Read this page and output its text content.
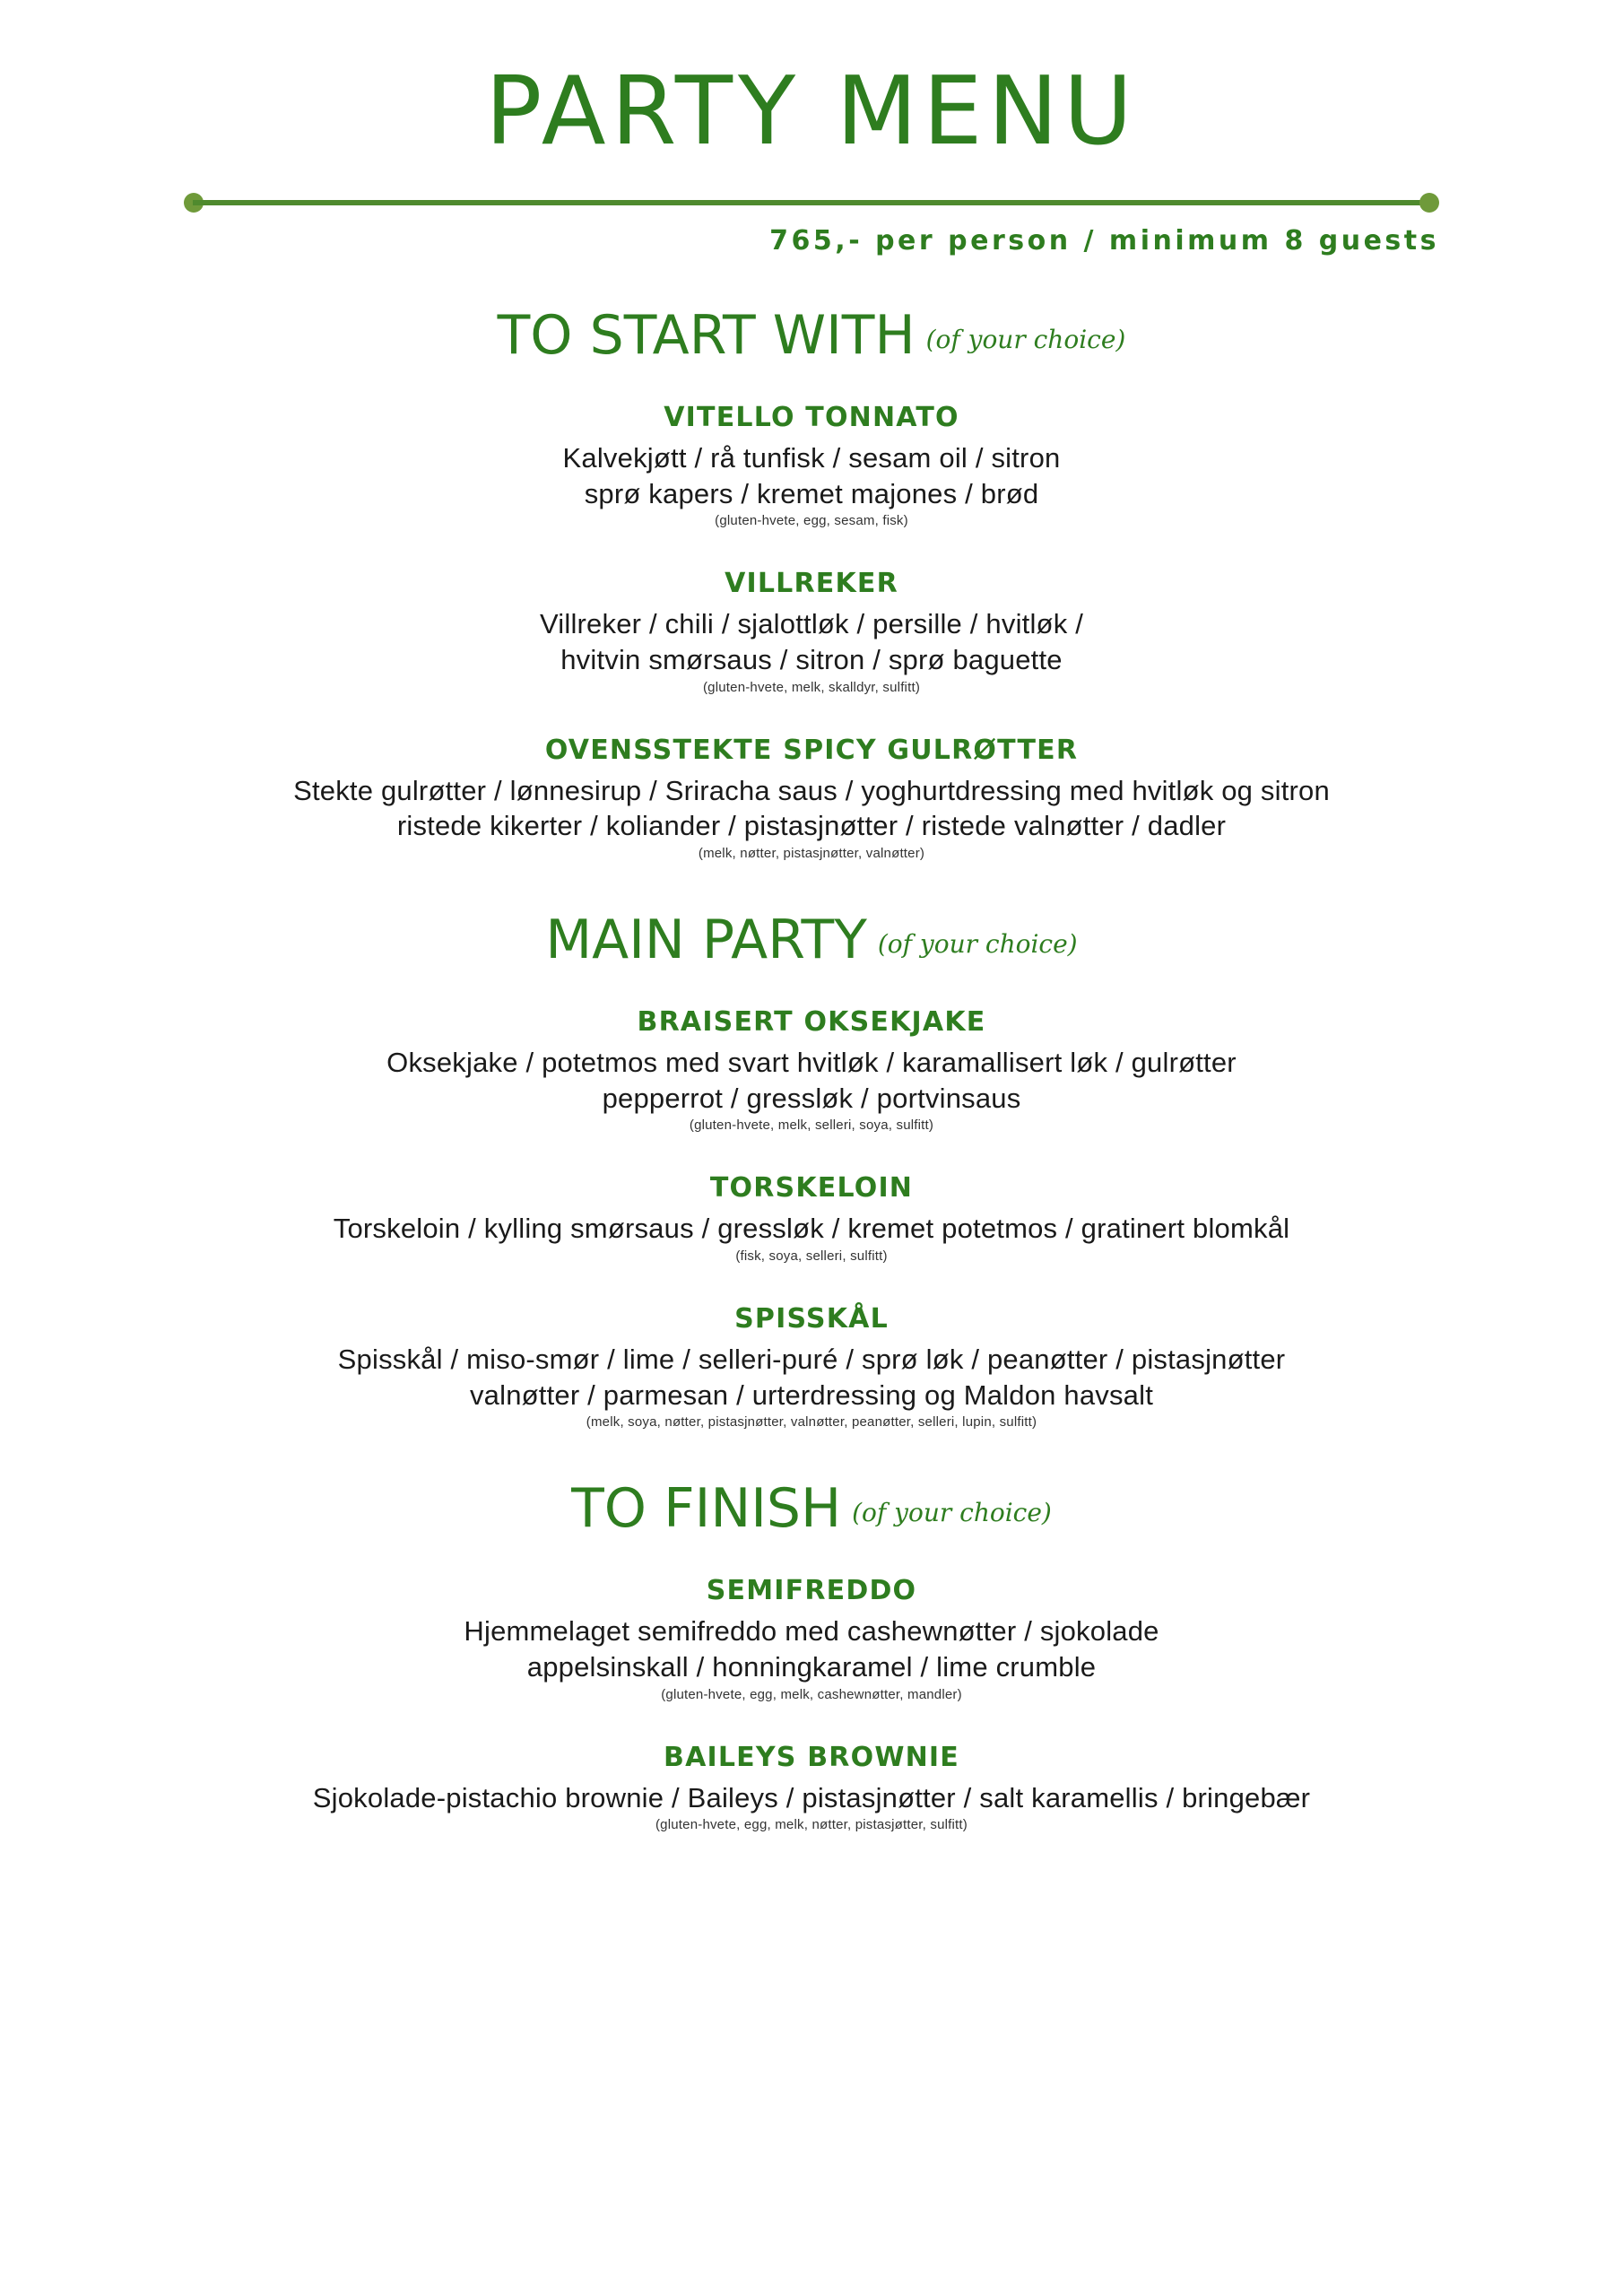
PARTY MENU
765,- per person / minimum 8 guests
TO START WITH (of your choice)
VITELLO TONNATO
Kalvekjøtt / rå tunfisk / sesam oil / sitron
sprø kapers / kremet majones / brød
(gluten-hvete, egg, sesam, fisk)
VILLREKER
Villreker / chili / sjalottløk / persille / hvitløk /
hvitvin smørsaus / sitron / sprø baguette
(gluten-hvete, melk, skalldyr, sulfitt)
OVENSSTEKTE SPICY GULRØTTER
Stekte gulrøtter / lønnesirup / Sriracha saus / yoghurtdressing med hvitløk og sitron
ristede kikerter / koliander / pistasjnøtter / ristede valnøtter / dadler
(melk, nøtter, pistasjnøtter, valnøtter)
MAIN PARTY (of your choice)
BRAISERT OKSEKJAKE
Oksekjake / potetmos med svart hvitløk / karamallisert løk / gulrøtter
pepperrot / gressløk / portvinsaus
(gluten-hvete, melk, selleri, soya, sulfitt)
TORSKELOIN
Torskeloin / kylling smørsaus / gressløk / kremet potetmos / gratinert blomkål
(fisk, soya, selleri, sulfitt)
SPISSKÅL
Spisskål / miso-smør / lime / selleri-puré / sprø løk / peanøtter / pistasjnøtter
valnøtter / parmesan / urterdressing og Maldon havsalt
(melk, soya, nøtter, pistasjnøtter, valnøtter, peanøtter, selleri, lupin, sulfitt)
TO FINISH (of your choice)
SEMIFREDDO
Hjemmelaget semifreddo med cashewnøtter / sjokolade
appelsinskall / honningkaramel / lime crumble
(gluten-hvete, egg, melk, cashewnøtter, mandler)
BAILEYS BROWNIE
Sjokolade-pistachio brownie / Baileys / pistasjnøtter / salt karamellis / bringebær
(gluten-hvete, egg, melk, nøtter, pistasjøtter, sulfitt)
